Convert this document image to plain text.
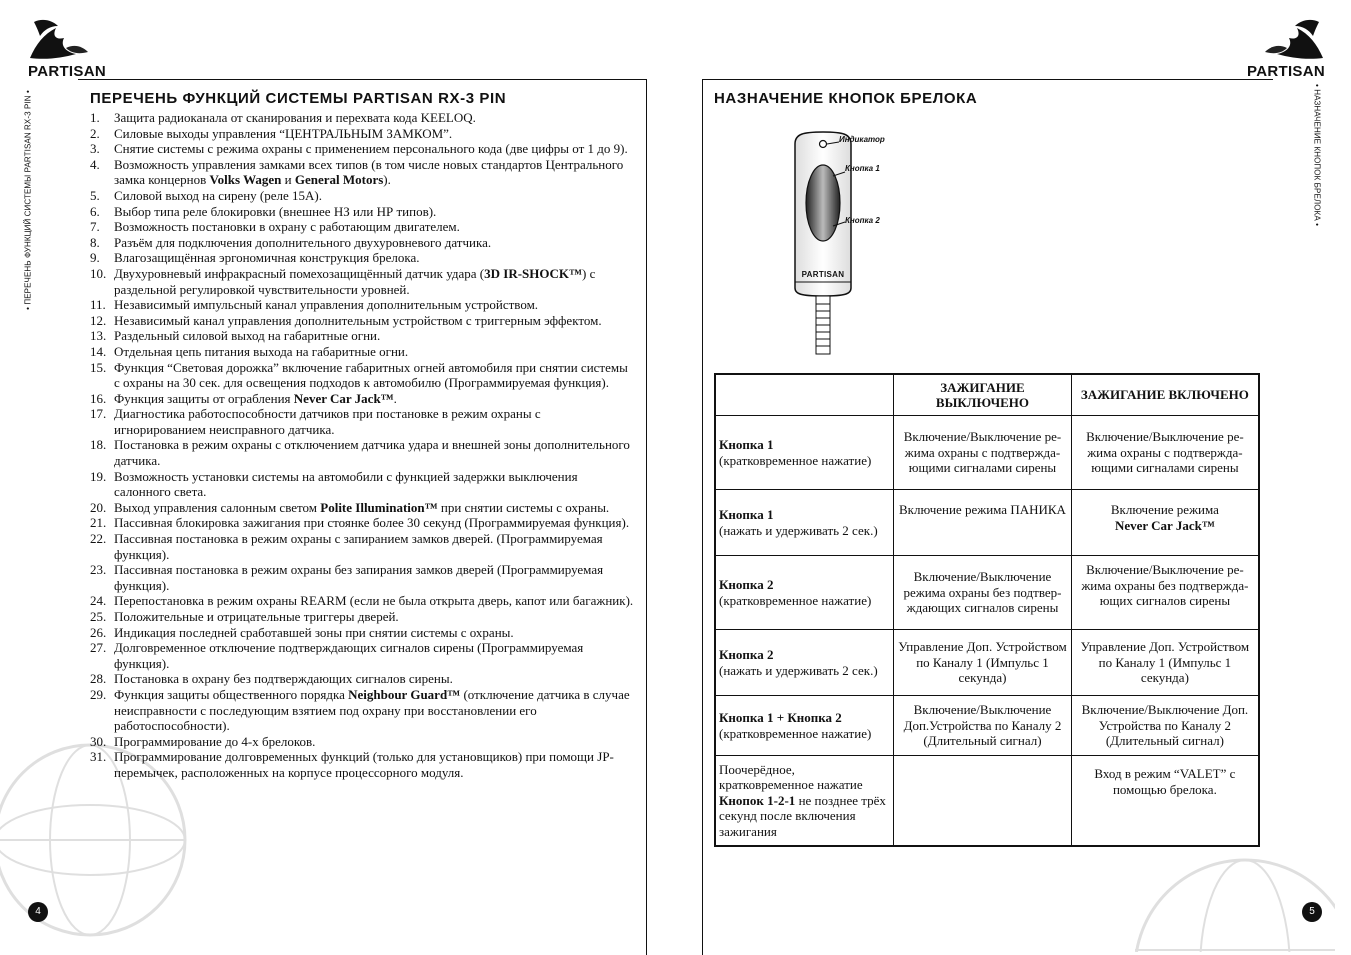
PARTISAN
• ПЕРЕЧЕНЬ ФУНКЦИЙ СИСТЕМЫ PARTISAN RX-3 PIN •	ПЕРЕЧЕНЬ ФУНКЦИЙ СИСТЕМЫ PARTISAN RX-3 PIN
1. Защита радиоканала от сканирования и перехвата кода KEELOQ.
2. Силовые выходы управления “ЦЕНТРАЛЬНЫМ ЗАМКОМ”.
3. Снятие системы с режима охраны с применением персонального кода (две цифры от 1 до 9).
4. Возможность управления замками всех типов (в том числе новых стандартов Центрального замка концернов Volks Wagen и General Motors).
5. Силовой выход на сирену (реле 15А).
6. Выбор типа реле блокировки (внешнее НЗ или НР типов).
7. Возможность постановки в охрану с работающим двигателем.
8. Разъём для подключения дополнительного двухуровневого датчика.
9. Влагозащищённая эргономичная конструкция брелока.
10. Двухуровневый инфракрасный помехозащищённый датчик удара (3D IR-SHOCK™) с раздельной регулировкой чувствительности уровней.
11. Независимый импульсный канал управления дополнительным устройством.
12. Независимый канал управления дополнительным устройством с триггерным эффектом.
13. Раздельный силовой выход на габаритные огни.
14. Отдельная цепь питания выхода на габаритные огни.
15. Функция “Световая дорожка” включение габаритных огней автомобиля при снятии системы с охраны на 30 сек. для освещения подходов к автомобилю (Программируемая функция).
16. Функция защиты от ограбления Never Car Jack™.
17. Диагностика работоспособности датчиков при постановке в режим охраны с игнорированием неисправного датчика.
18. Постановка в режим охраны с отключением датчика удара и внешней зоны дополнительного датчика.
19. Возможность установки системы на автомобили с функцией задержки выключения салонного света.
20. Выход управления салонным светом Polite Illumination™ при снятии системы с охраны.
21. Пассивная блокировка зажигания при стоянке более 30 секунд (Программируемая функция).
22. Пассивная постановка в режим охраны с запиранием замков дверей. (Программируемая функция).
23. Пассивная постановка в режим охраны без запирания замков дверей (Программируемая функция).
24. Перепостановка в режим охраны REARM (если не была открыта дверь, капот или багажник).
25. Положительные и отрицательные триггеры дверей.
26. Индикация последней сработавшей зоны при снятии системы с охраны.
27. Долговременное отключение подтверждающих сигналов сирены (Программируемая функция).
28. Постановка в охрану без подтверждающих сигналов сирены.
29. Функция защиты общественного порядка Neighbour Guard™ (отключение датчика в случае неисправности с последующим взятием под охрану при восстановлении его работоспособности).
30. Программирование до 4-х брелоков.
31. Программирование долговременных функций (только для установщиков) при помощи JP-перемычек, расположенных на корпусе процессорного модуля.
4
PARTISAN
• НАЗНАЧЕНИЕ КНОПОК БРЕЛОКА •
НАЗНАЧЕНИЕ КНОПОК БРЕЛОКА
PARTISAN
Индикатор
Кнопка 1
Кнопка 2
	ЗАЖИГАНИЕ ВЫКЛЮЧЕНО	ЗАЖИГАНИЕ ВКЛЮЧЕНО
Кнопка 1
(кратковременное нажатие)	Включение/Выключение ре-жима охраны с подтвержда-ющими сигналами сирены	Включение/Выключение ре-жима охраны с подтвержда-ющими сигналами сирены
Кнопка 1
(нажать и удерживать 2 сек.)	Включение режима ПАНИКА	Включение режима
Never Car Jack™
Кнопка 2
(кратковременное нажатие)	Включение/Выключение режима охраны без подтвер-ждающих сигналов сирены	Включение/Выключение ре-жима охраны без подтвержда-ющих сигналов сирены
Кнопка 2
(нажать и удерживать 2 сек.)	Управление Доп. Устройством по Каналу 1 (Импульс 1 секунда)	Управление Доп. Устройством по Каналу 1 (Импульс 1 секунда)
Кнопка 1 + Кнопка 2
(кратковременное нажатие)	Включение/Выключение Доп.Устройства по Каналу 2 (Длительный сигнал)	Включение/Выключение Доп. Устройства по Каналу 2 (Длительный сигнал)
Поочерёдное, кратковременное нажатие
Кнопок 1-2-1 не позднее трёх секунд после включения зажигания		Вход в режим “VALET” с помощью брелока.
5
